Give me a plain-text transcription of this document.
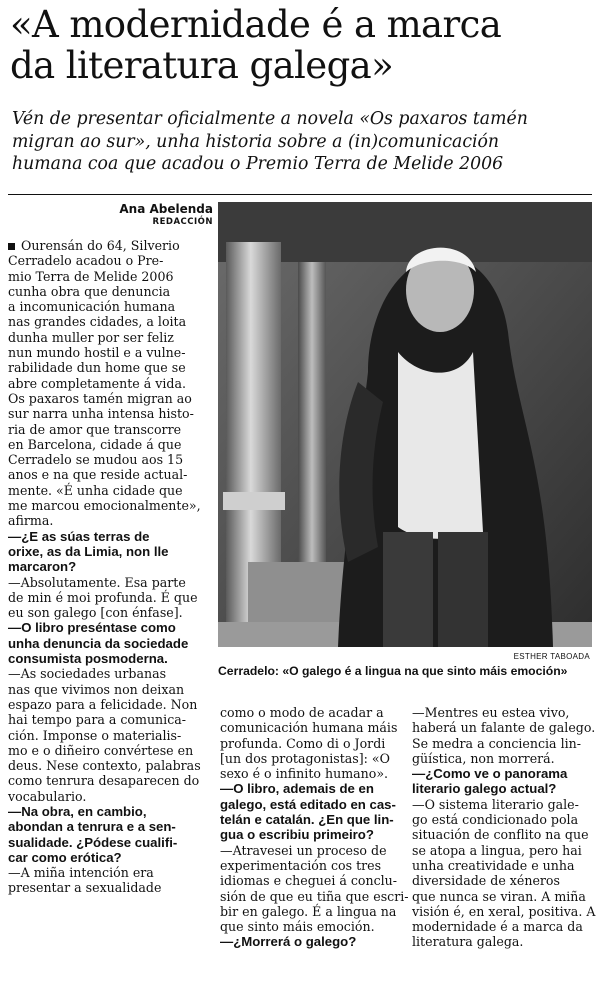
«A modernidade é a marca
da literatura galega»
Vén de presentar oficialmente a novela «Os paxaros tamén
migran ao sur», unha historia sobre a (in)comunicación
humana coa que acadou o Premio Terra de Melide 2006
Ana Abelenda
REDACCIÓN
Ourensán do 64, Silverio
Cerradelo acadou o Pre-
mio Terra de Melide 2006
cunha obra que denuncia
a incomunicación humana
nas grandes cidades, a loita
dunha muller por ser feliz
nun mundo hostil e a vulne-
rabilidade dun home que se
abre completamente á vida.
Os paxaros tamén migran ao
sur narra unha intensa histo-
ria de amor que transcorre
en Barcelona, cidade á que
Cerradelo se mudou aos 15
anos e na que reside actual-
mente. «É unha cidade que
me marcou emocionalmente»,
afirma.
—¿E as súas terras de
orixe, as da Limia, non lle
marcaron?
—Absolutamente. Esa parte
de min é moi profunda. É que
eu son galego [con énfase].
—O libro preséntase como
unha denuncia da sociedade
consumista posmoderna.
—As sociedades urbanas
nas que vivimos non deixan
espazo para a felicidade. Non
hai tempo para a comunica-
ción. Imponse o materialis-
mo e o diñeiro convértese en
deus. Nese contexto, palabras
como tenrura desaparecen do
vocabulario.
—Na obra, en cambio,
abondan a tenrura e a sen-
sualidade. ¿Pódese cualifi-
car como erótica?
—A miña intención era
presentar a sexualidade
ESTHER TABOADA
Cerradelo: «O galego é a lingua na que sinto máis emoción»
como o modo de acadar a
comunicación humana máis
profunda. Como di o Jordi
[un dos protagonistas]: «O
sexo é o infinito humano».
—O libro, ademais de en
galego, está editado en cas-
telán e catalán. ¿En que lin-
gua o escribiu primeiro?
—Atravesei un proceso de
experimentación cos tres
idiomas e cheguei á conclu-
sión de que eu tiña que escri-
bir en galego. É a lingua na
que sinto máis emoción.
—¿Morrerá o galego?
—Mentres eu estea vivo,
haberá un falante de galego.
Se medra a conciencia lin-
güística, non morrerá.
—¿Como ve o panorama
literario galego actual?
—O sistema literario gale-
go está condicionado pola
situación de conflito na que
se atopa a lingua, pero hai
unha creatividade e unha
diversidade de xéneros
que nunca se viran. A miña
visión é, en xeral, positiva. A
modernidade é a marca da
literatura galega.
